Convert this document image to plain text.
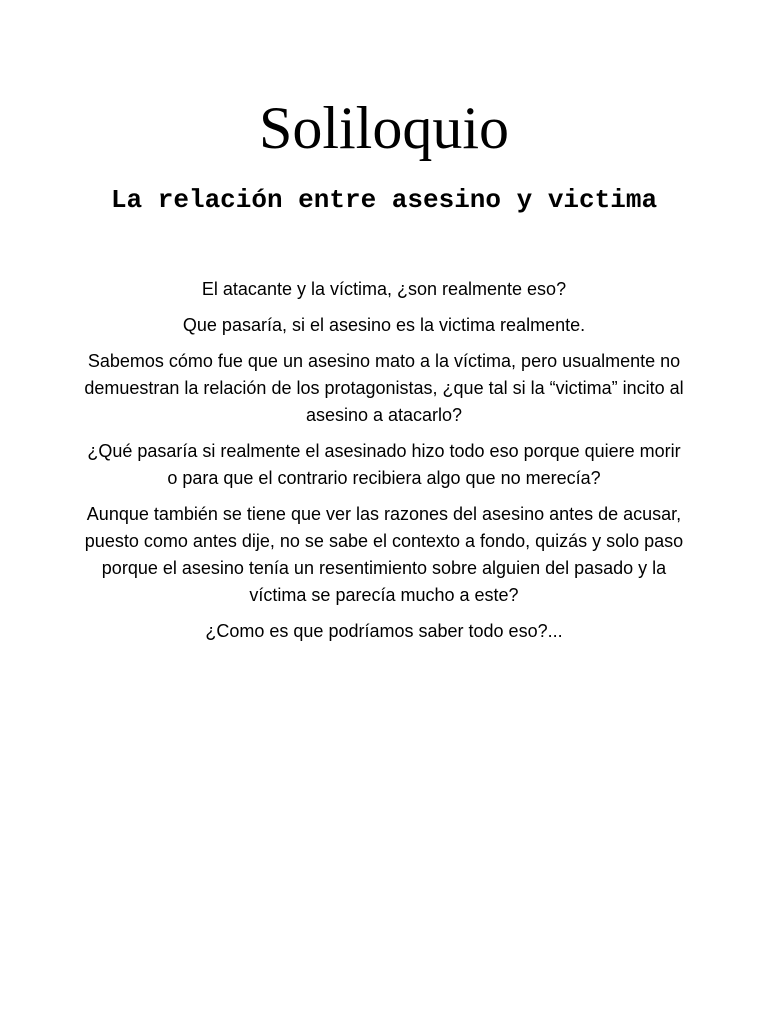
Soliloquio
La relación entre asesino y victima

El atacante y la víctima, ¿son realmente eso?

Que pasaría, si el asesino es la victima realmente.

Sabemos cómo fue que un asesino mato a la víctima, pero usualmente no demuestran la relación de los protagonistas, ¿que tal si la “victima” incito al asesino a atacarlo?

¿Qué pasaría si realmente el asesinado hizo todo eso porque quiere morir o para que el contrario recibiera algo que no merecía?

Aunque también se tiene que ver las razones del asesino antes de acusar, puesto como antes dije, no se sabe el contexto a fondo, quizás y solo paso porque el asesino tenía un resentimiento sobre alguien del pasado y la víctima se parecía mucho a este?

¿Como es que podríamos saber todo eso?...
